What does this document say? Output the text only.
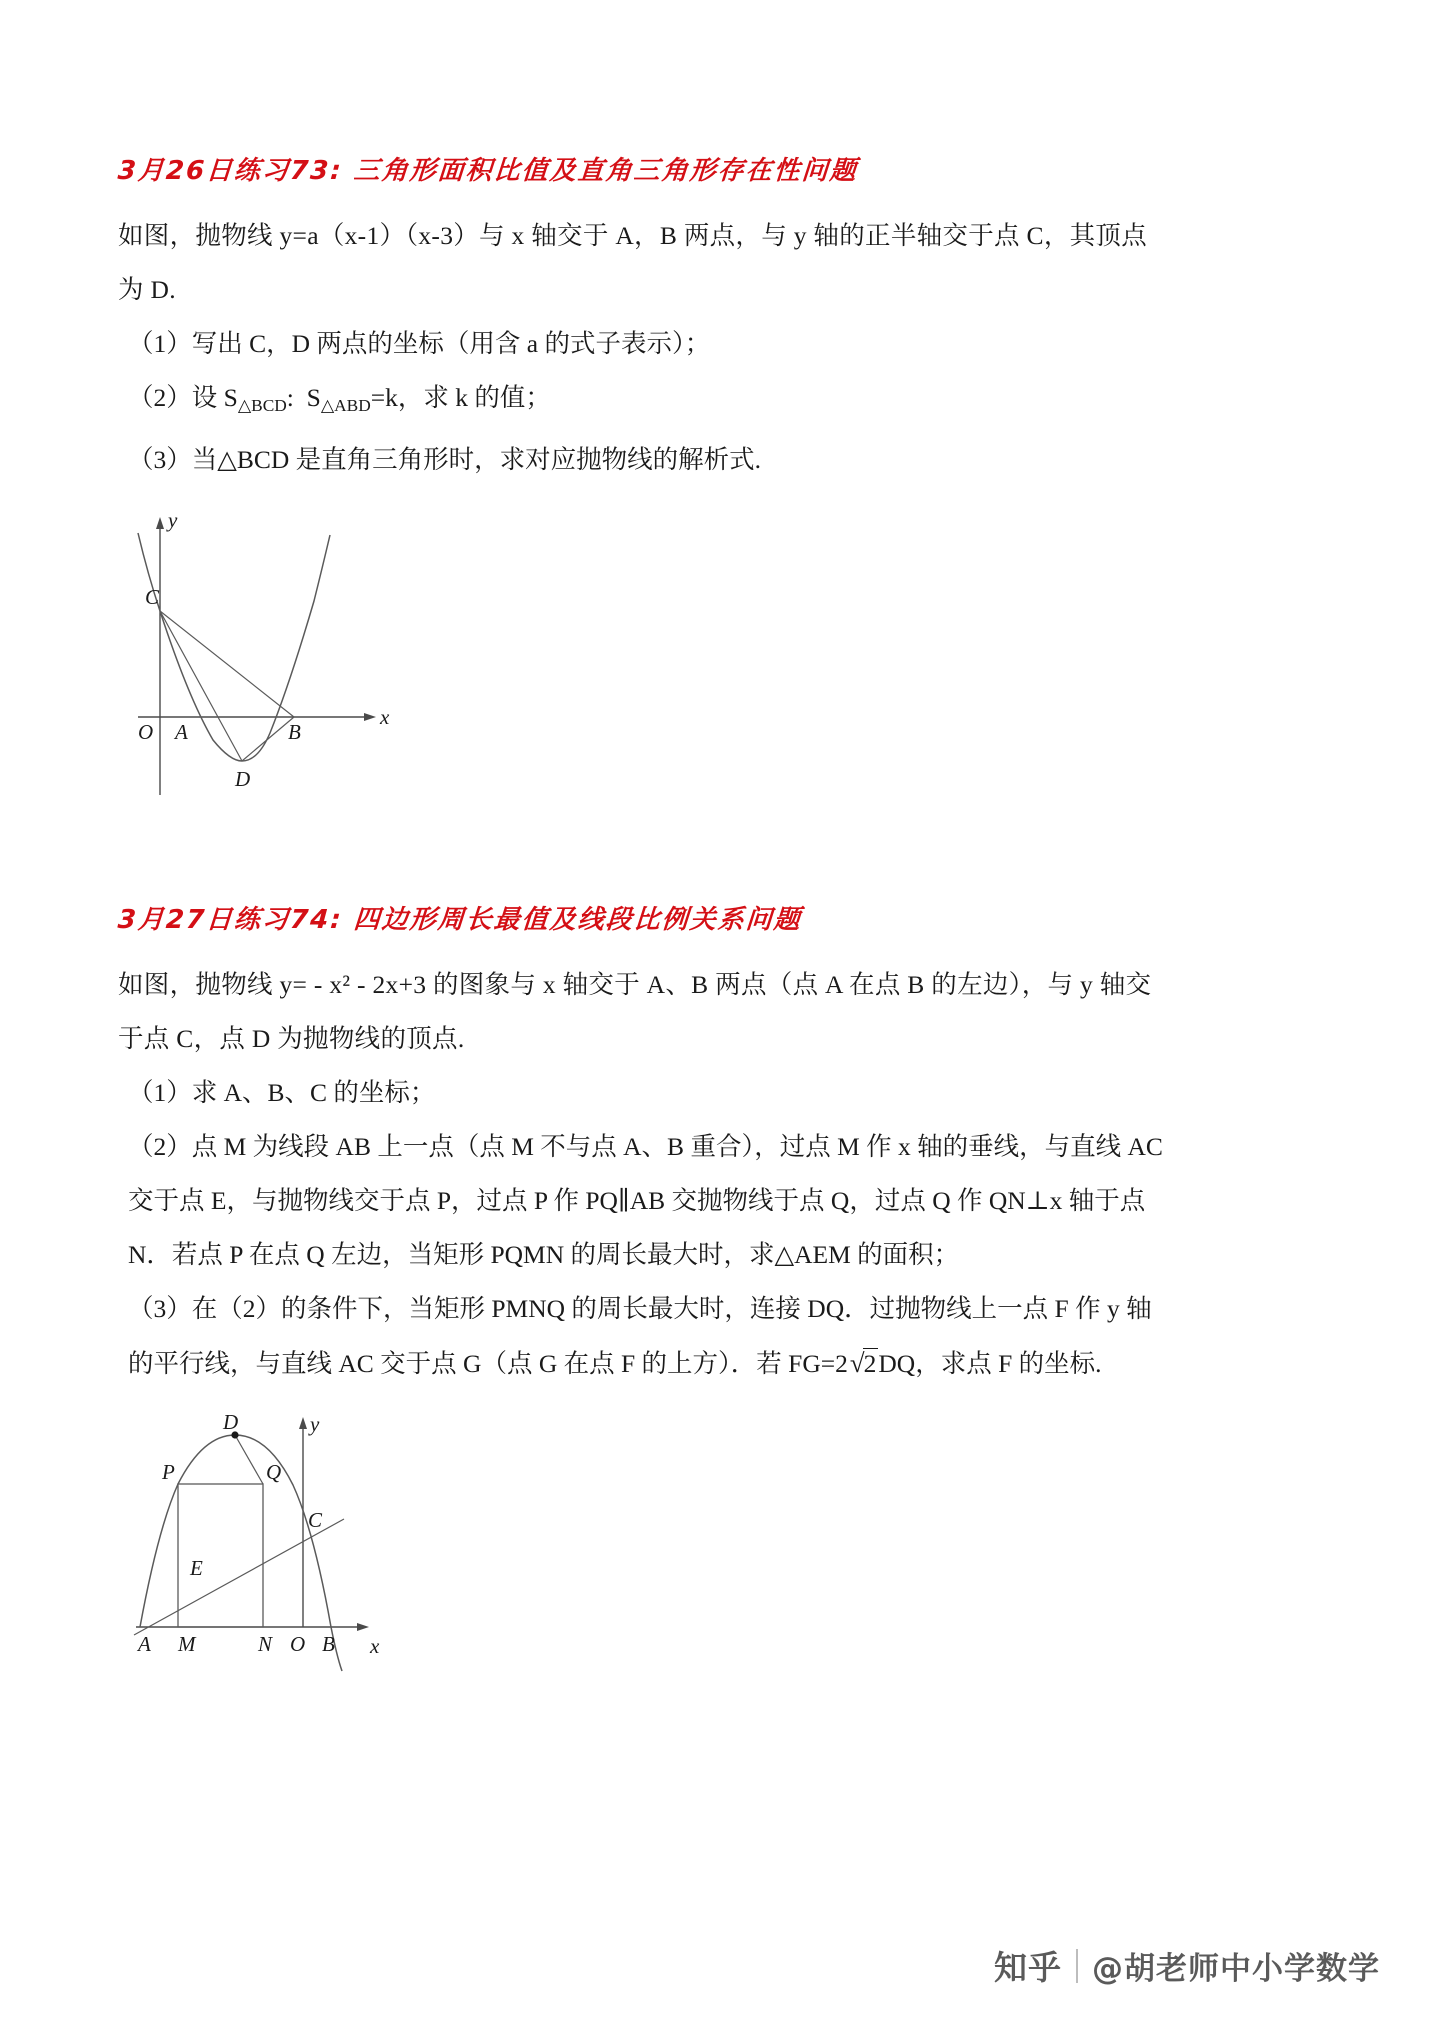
3月26日练习73: 三角形面积比值及直角三角形存在性问题

如图，抛物线 y=a（x‑1）（x‑3）与 x 轴交于 A，B 两点，与 y 轴的正半轴交于点 C，其顶点

为 D.

（1）写出 C，D 两点的坐标（用含 a 的式子表示）；

（2）设 $S_{\triangle BCD}$:  $S_{\triangle ABD}=k$，求 k 的值；

（3）当△BCD 是直角三角形时，求对应抛物线的解析式.

C
O A	B
D
x
y
3月27日练习74: 四边形周长最值及线段比例关系问题

如图，抛物线 y= ‑ x² ‑ 2x+3 的图象与 x 轴交于 A、B 两点（点 A 在点 B 的左边），与 y 轴交

于点 C，点 D 为抛物线的顶点.

（1）求 A、B、C 的坐标；

（2）点 M 为线段 AB 上一点（点 M 不与点 A、B 重合），过点 M 作 x 轴的垂线，与直线 AC

交于点 E，与抛物线交于点 P，过点 P 作 PQ∥AB 交抛物线于点 Q，过点 Q 作 QN⊥x 轴于点

N．若点 P 在点 Q 左边，当矩形 PQMN 的周长最大时，求△AEM 的面积；

（3）在（2）的条件下，当矩形 PMNQ 的周长最大时，连接 DQ．过抛物线上一点 F 作 y 轴

的平行线，与直线 AC 交于点 G（点 G 在点 F 的上方）．若 FG=2√2DQ，求点 F 的坐标.

D
P	Q
C
E
A M	N O B x
y
知乎 @胡老师中小学数学
